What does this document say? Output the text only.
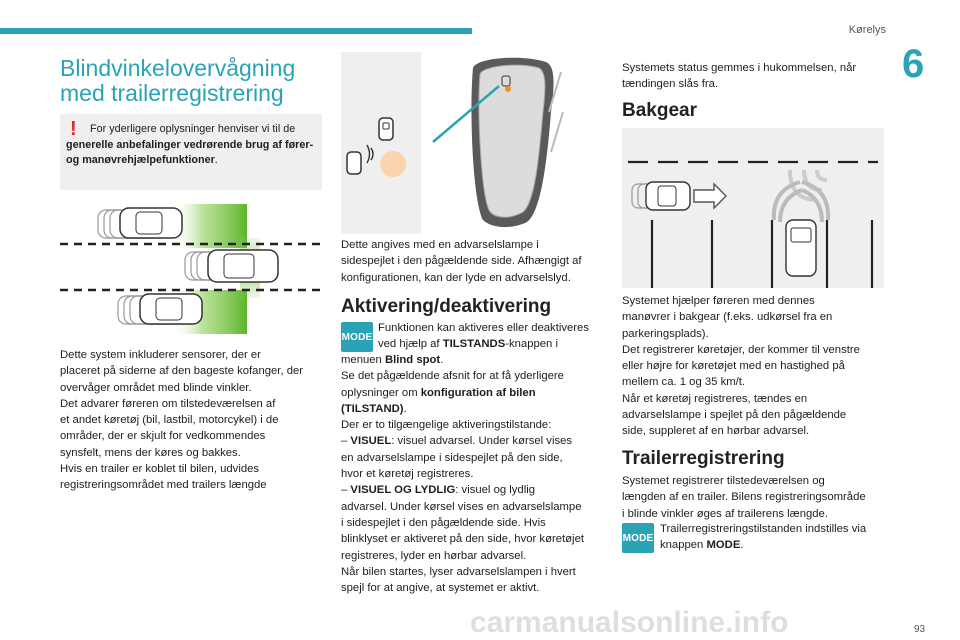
Kørelys
6
Blindvinkelovervågning
med trailerregistrering
!	For yderligere oplysninger henviser vi til de generelle anbefalinger vedrørende brug af fører- og manøvrehjælpefunktioner.
Dette system inkluderer sensorer, der er
placeret på siderne af den bageste kofanger, der
overvåger området med blinde vinkler.
Det advarer føreren om tilstedeværelsen af
et andet køretøj (bil, lastbil, motorcykel) i de
områder, der er skjult for vedkommendes
synsfelt, mens der køres og bakkes.
Hvis en trailer er koblet til bilen, udvides
registreringsområdet med trailers længde
Dette angives med en advarselslampe i
sidespejlet i den pågældende side. Afhængigt af
konfigurationen, kan der lyde en advarselslyd.
Aktivering/deaktivering
MODE
Funktionen kan aktiveres eller deaktiveres
ved hjælp af TILSTANDS-knappen i
menuen Blind spot.
Se det pågældende afsnit for at få yderligere
oplysninger om konfiguration af bilen
(TILSTAND).
Der er to tilgængelige aktiveringstilstande:
– VISUEL: visuel advarsel. Under kørsel vises
en advarselslampe i sidespejlet på den side,
hvor et køretøj registreres.
– VISUEL OG LYDLIG: visuel og lydlig
advarsel. Under kørsel vises en advarselslampe
i sidespejlet i den pågældende side. Hvis
blinklyset er aktiveret på den side, hvor køretøjet
registreres, lyder en hørbar advarsel.
Når bilen startes, lyser advarselslampen i hvert
spejl for at angive, at systemet er aktivt.
Systemets status gemmes i hukommelsen, når
tændingen slås fra.
Bakgear
Systemet hjælper føreren med dennes
manøvrer i bakgear (f.eks. udkørsel fra en
parkeringsplads).
Det registrerer køretøjer, der kommer til venstre
eller højre for køretøjet med en hastighed på
mellem ca. 1 og 35 km/t.
Når et køretøj registreres, tændes en
advarselslampe i spejlet på den pågældende
side, suppleret af en hørbar advarsel.
Trailerregistrering
Systemet registrerer tilstedeværelsen og
længden af en trailer. Bilens registreringsområde
i blinde vinkler øges af trailerens længde.
MODE
Trailerregistreringstilstanden indstilles via
knappen MODE.
carmanualsonline.info	93
